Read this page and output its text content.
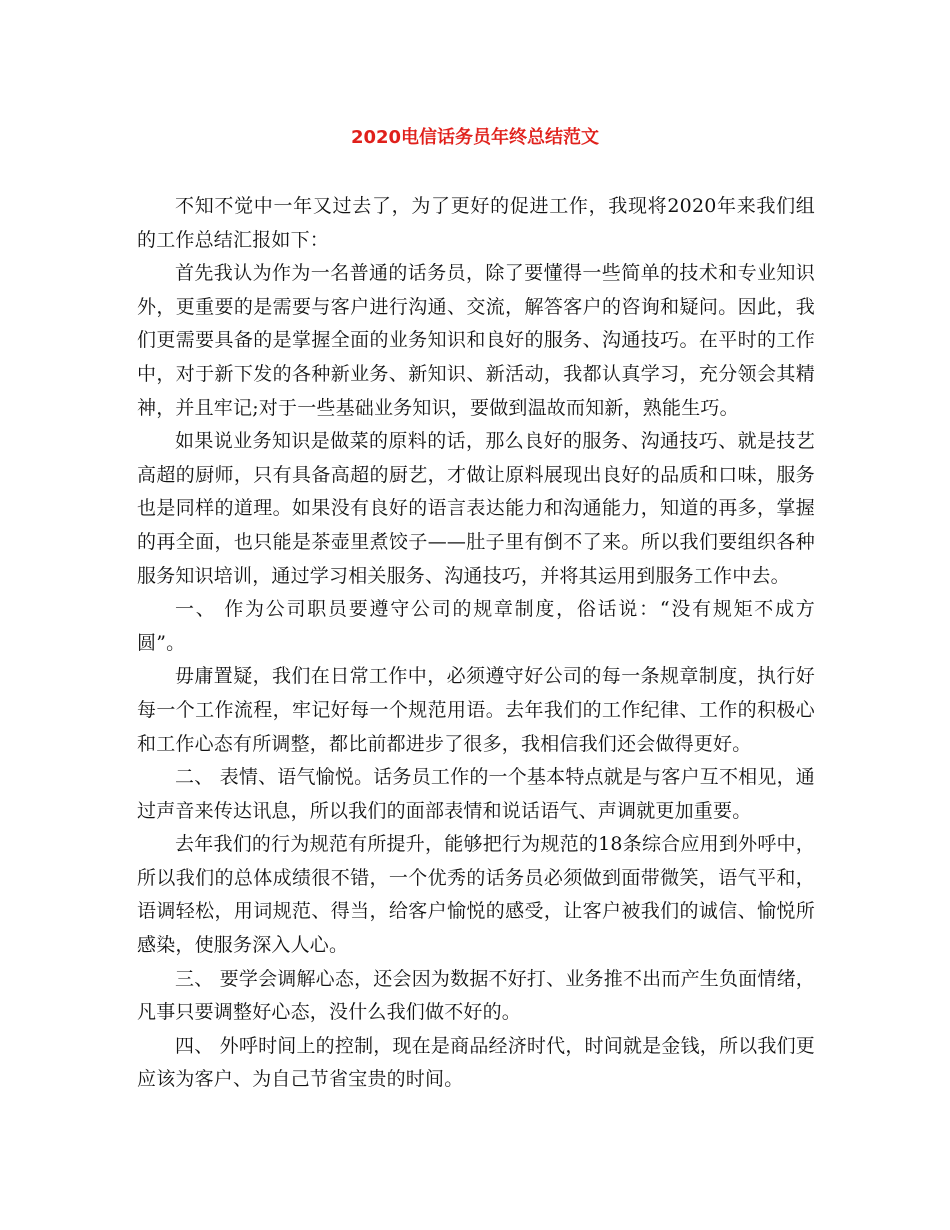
2020电信话务员年终总结范文

不知不觉中一年又过去了，为了更好的促进工作，我现将2020年来我们组的工作总结汇报如下：

首先我认为作为一名普通的话务员，除了要懂得一些简单的技术和专业知识外，更重要的是需要与客户进行沟通、交流，解答客户的咨询和疑问。因此，我们更需要具备的是掌握全面的业务知识和良好的服务、沟通技巧。在平时的工作中，对于新下发的各种新业务、新知识、新活动，我都认真学习，充分领会其精神，并且牢记;对于一些基础业务知识，要做到温故而知新，熟能生巧。

如果说业务知识是做菜的原料的话，那么良好的服务、沟通技巧、就是技艺高超的厨师，只有具备高超的厨艺，才做让原料展现出良好的品质和口味，服务也是同样的道理。如果没有良好的语言表达能力和沟通能力，知道的再多，掌握的再全面，也只能是茶壶里煮饺子——肚子里有倒不了来。所以我们要组织各种服务知识培训，通过学习相关服务、沟通技巧，并将其运用到服务工作中去。

一、 作为公司职员要遵守公司的规章制度，俗话说：“没有规矩不成方圆”。

毋庸置疑，我们在日常工作中，必须遵守好公司的每一条规章制度，执行好每一个工作流程，牢记好每一个规范用语。去年我们的工作纪律、工作的积极心和工作心态有所调整，都比前都进步了很多，我相信我们还会做得更好。

二、 表情、语气愉悦。话务员工作的一个基本特点就是与客户互不相见，通过声音来传达讯息，所以我们的面部表情和说话语气、声调就更加重要。

去年我们的行为规范有所提升，能够把行为规范的18条综合应用到外呼中，所以我们的总体成绩很不错，一个优秀的话务员必须做到面带微笑，语气平和，语调轻松，用词规范、得当，给客户愉悦的感受，让客户被我们的诚信、愉悦所感染，使服务深入人心。

三、 要学会调解心态，还会因为数据不好打、业务推不出而产生负面情绪，凡事只要调整好心态，没什么我们做不好的。

四、 外呼时间上的控制，现在是商品经济时代，时间就是金钱，所以我们更应该为客户、为自己节省宝贵的时间。
